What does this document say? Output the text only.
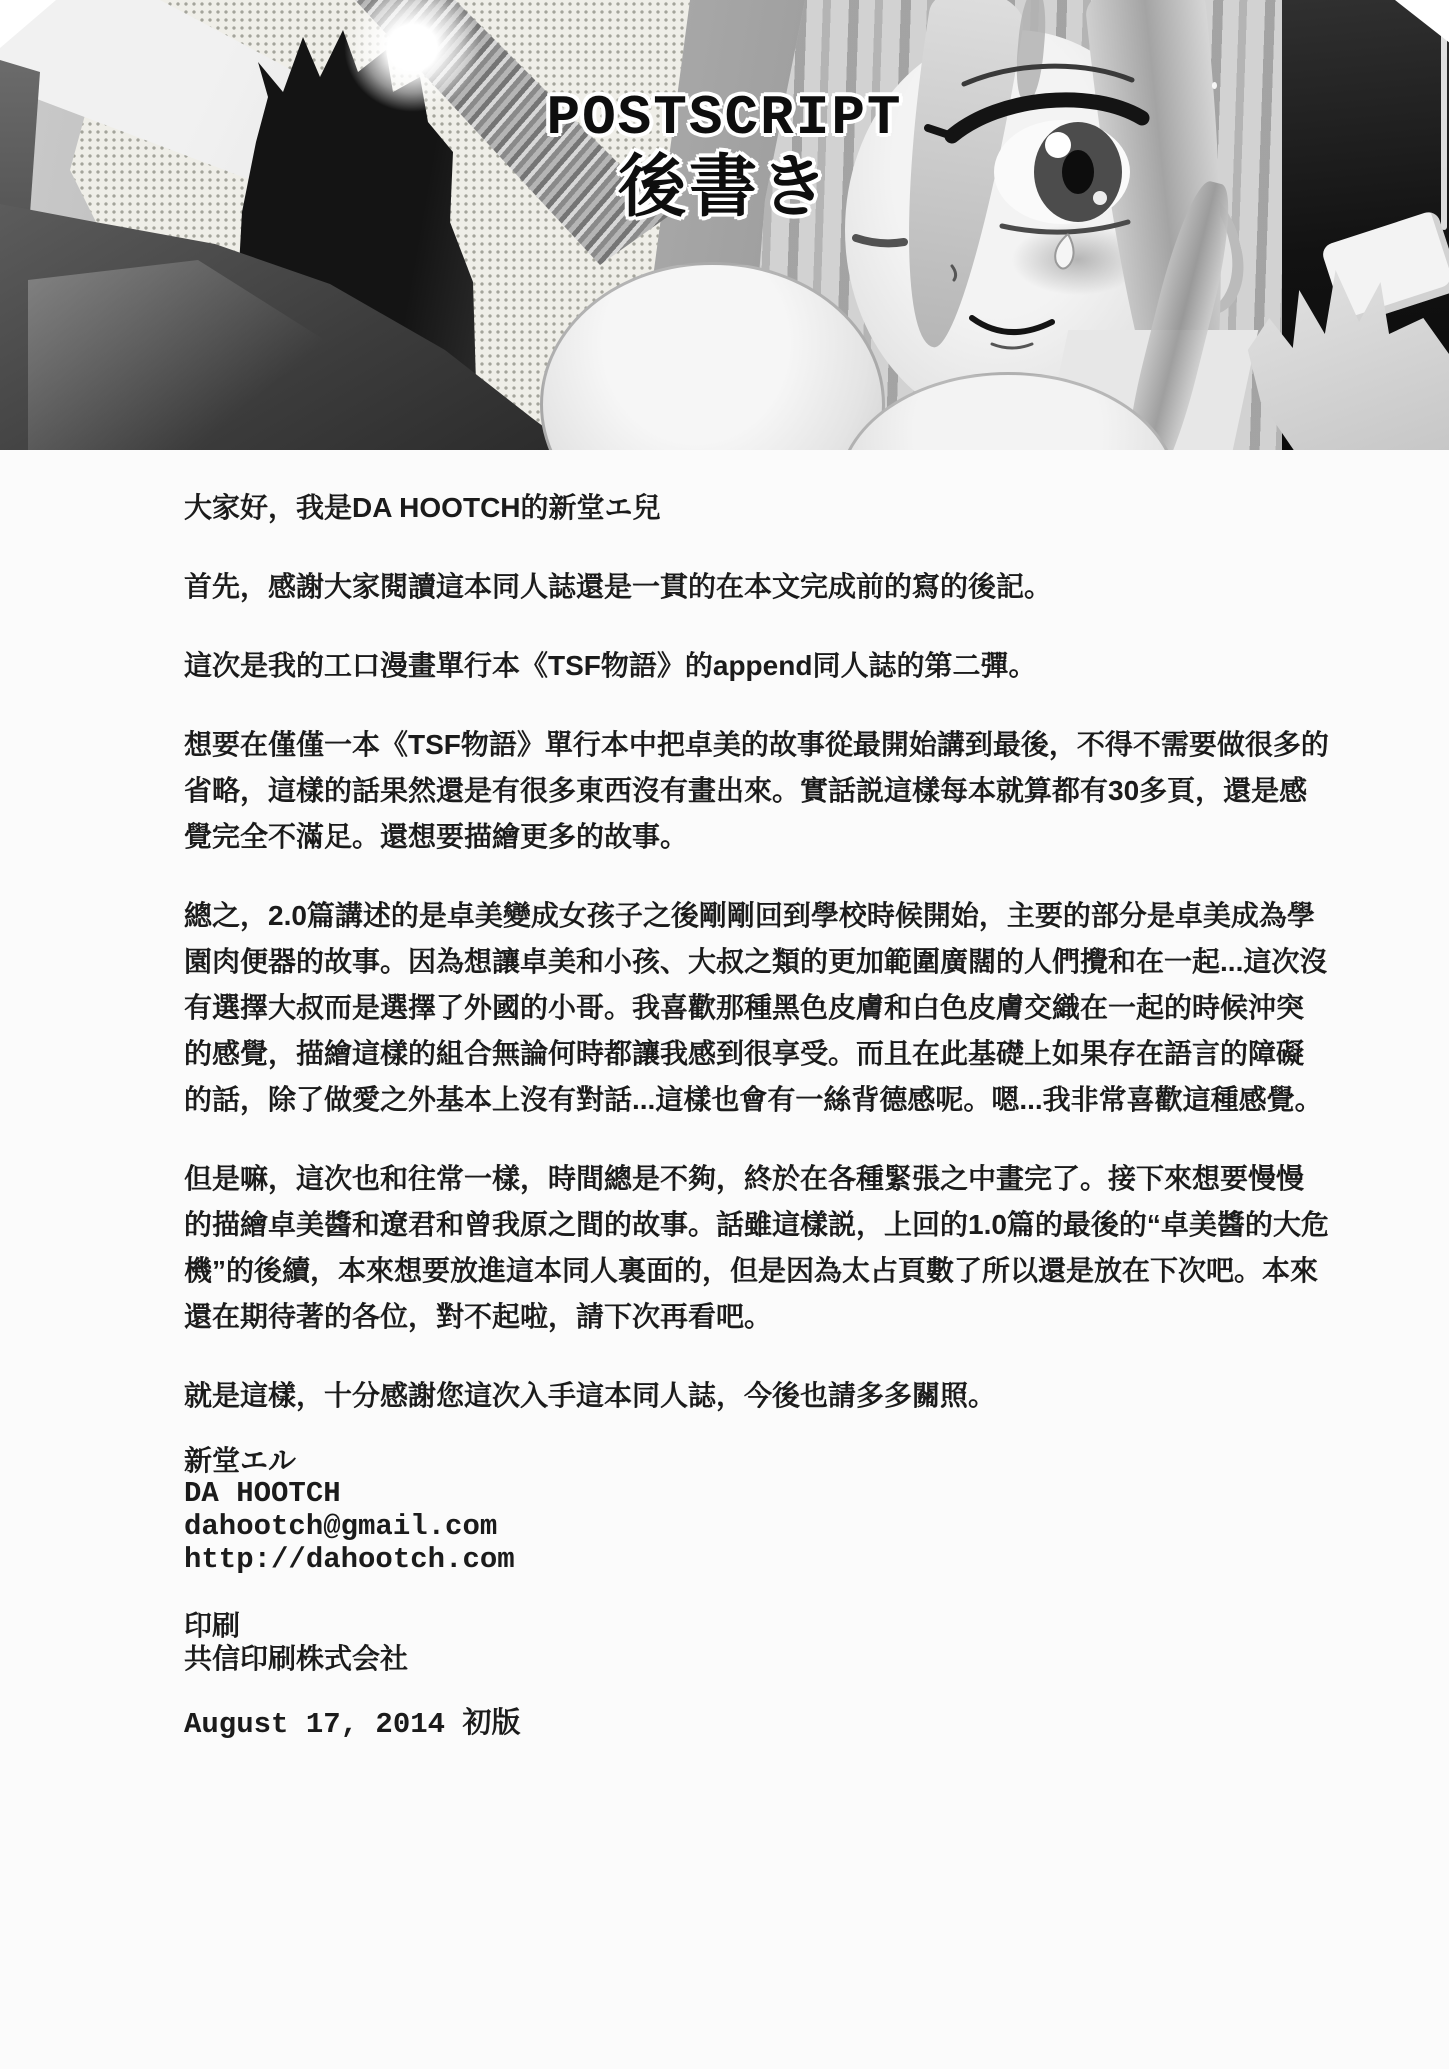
POSTSCRIPT
後書き

大家好，我是DA HOOTCH的新堂エ兒

首先，感謝大家閱讀這本同人誌還是一貫的在本文完成前的寫的後記。

這次是我的工口漫畫單行本《TSF物語》的append同人誌的第二彈。

想要在僅僅一本《TSF物語》單行本中把卓美的故事從最開始講到最後，不得不需要做很多的省略，這樣的話果然還是有很多東西沒有畫出來。實話説這樣每本就算都有30多頁，還是感覺完全不滿足。還想要描繪更多的故事。

總之，2.0篇講述的是卓美變成女孩子之後剛剛回到學校時候開始，主要的部分是卓美成為學園肉便器的故事。因為想讓卓美和小孩、大叔之類的更加範圍廣闊的人們攪和在一起...這次沒有選擇大叔而是選擇了外國的小哥。我喜歡那種黑色皮膚和白色皮膚交織在一起的時候沖突的感覺，描繪這樣的組合無論何時都讓我感到很享受。而且在此基礎上如果存在語言的障礙的話，除了做愛之外基本上沒有對話...這樣也會有一絲背德感呢。嗯...我非常喜歡這種感覺。

但是嘛，這次也和往常一樣，時間總是不夠，終於在各種緊張之中畫完了。接下來想要慢慢的描繪卓美醬和遼君和曾我原之間的故事。話雖這樣説，上回的1.0篇的最後的“卓美醬的大危機”的後續，本來想要放進這本同人裏面的，但是因為太占頁數了所以還是放在下次吧。本來還在期待著的各位，對不起啦，請下次再看吧。

就是這樣，十分感謝您這次入手這本同人誌，今後也請多多關照。

新堂エル
DA HOOTCH
dahootch@gmail.com
http://dahootch.com
印刷
共信印刷株式会社
August 17, 2014 初版
